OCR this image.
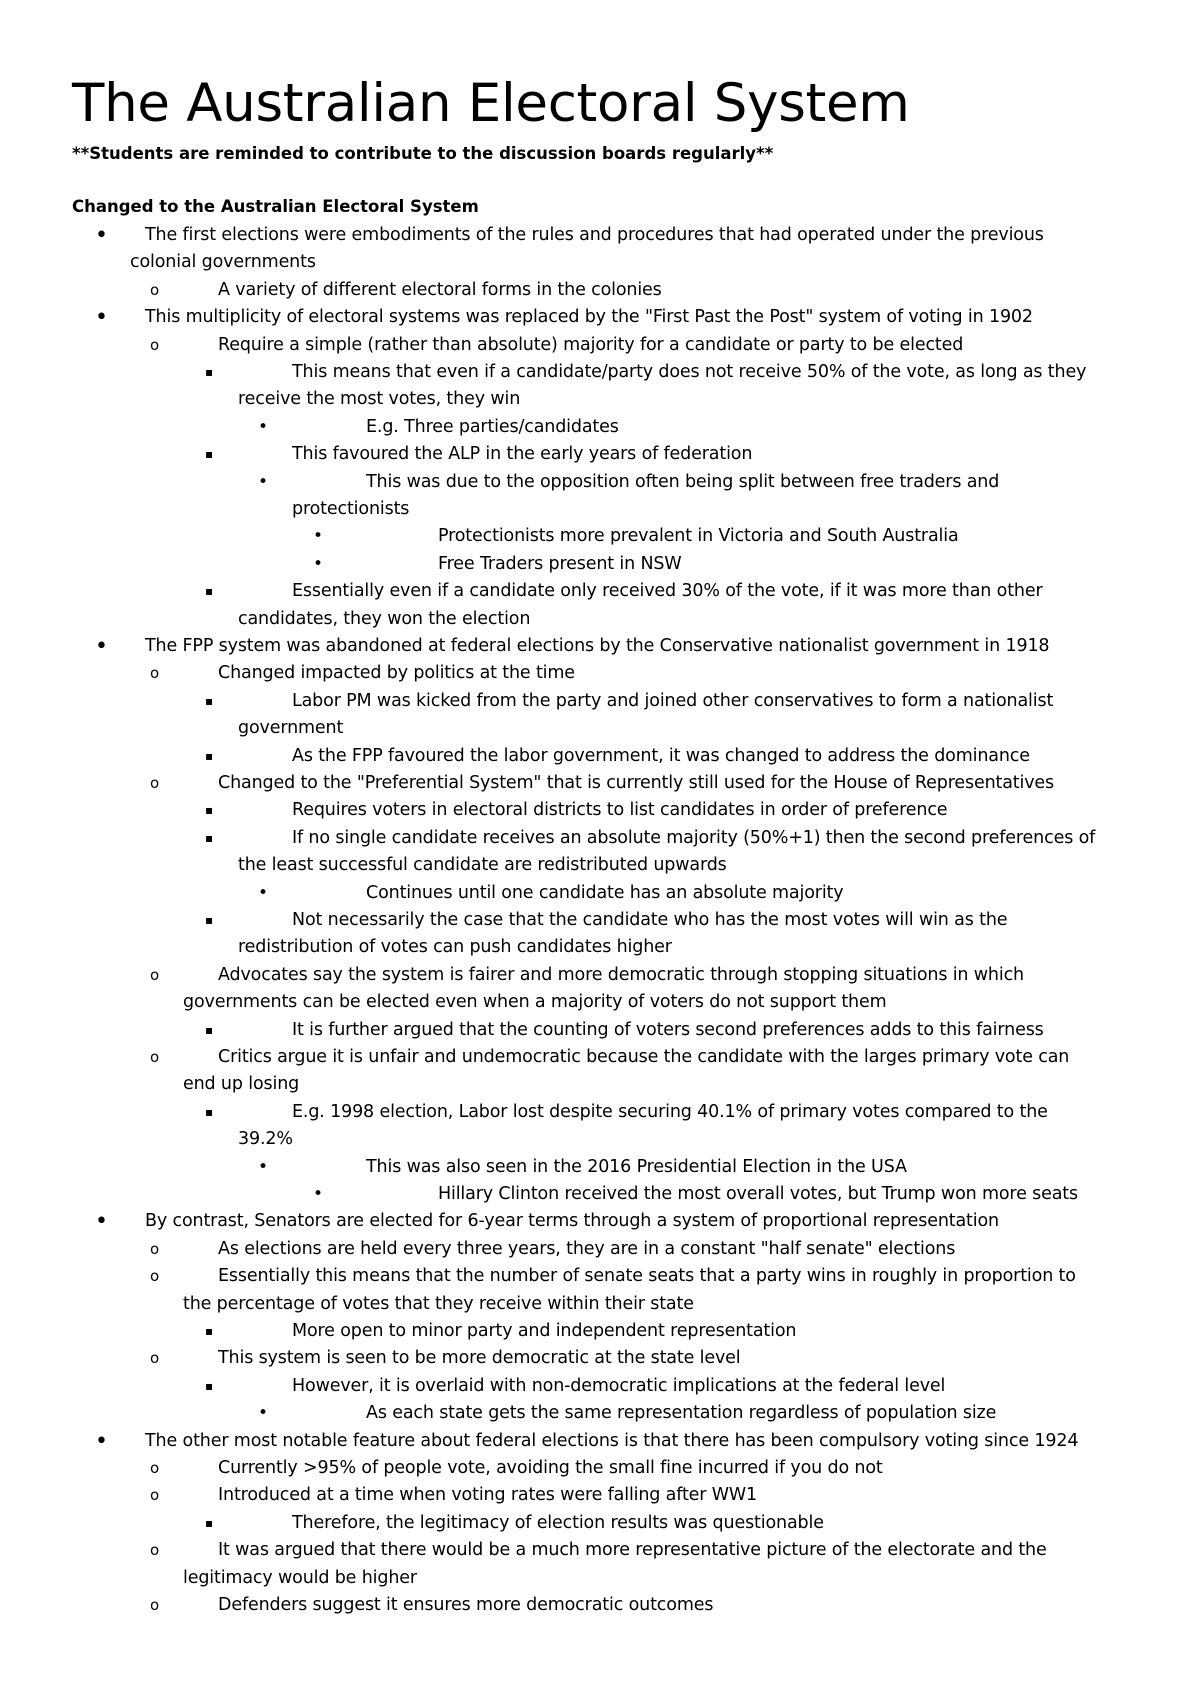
The Australian Electoral System
**Students are reminded to contribute to the discussion boards regularly**
Changed to the Australian Electoral System
• The first elections were embodiments of the rules and procedures that had operated under the previous
colonial governments
o	A variety of different electoral forms in the colonies
• This multiplicity of electoral systems was replaced by the "First Past the Post" system of voting in 1902
o	Require a simple (rather than absolute) majority for a candidate or party to be elected
▪	This means that even if a candidate/party does not receive 50% of the vote, as long as they
receive the most votes, they win
•	E.g. Three parties/candidates
▪	This favoured the ALP in the early years of federation
•	This was due to the opposition often being split between free traders and
protectionists
•	Protectionists more prevalent in Victoria and South Australia
•	Free Traders present in NSW
▪	Essentially even if a candidate only received 30% of the vote, if it was more than other
candidates, they won the election
• The FPP system was abandoned at federal elections by the Conservative nationalist government in 1918
o	Changed impacted by politics at the time
▪	Labor PM was kicked from the party and joined other conservatives to form a nationalist
government
▪	As the FPP favoured the labor government, it was changed to address the dominance
o	Changed to the "Preferential System" that is currently still used for the House of Representatives
▪	Requires voters in electoral districts to list candidates in order of preference
▪	If no single candidate receives an absolute majority (50%+1) then the second preferences of
the least successful candidate are redistributed upwards
•	Continues until one candidate has an absolute majority
▪	Not necessarily the case that the candidate who has the most votes will win as the
redistribution of votes can push candidates higher
o	Advocates say the system is fairer and more democratic through stopping situations in which
governments can be elected even when a majority of voters do not support them
▪	It is further argued that the counting of voters second preferences adds to this fairness
o	Critics argue it is unfair and undemocratic because the candidate with the larges primary vote can
end up losing
▪	E.g. 1998 election, Labor lost despite securing 40.1% of primary votes compared to the
39.2%
•	This was also seen in the 2016 Presidential Election in the USA
•	Hillary Clinton received the most overall votes, but Trump won more seats
• By contrast, Senators are elected for 6-year terms through a system of proportional representation
o	As elections are held every three years, they are in a constant "half senate" elections
o	Essentially this means that the number of senate seats that a party wins in roughly in proportion to
the percentage of votes that they receive within their state
▪	More open to minor party and independent representation
o	This system is seen to be more democratic at the state level
▪	However, it is overlaid with non-democratic implications at the federal level
•	As each state gets the same representation regardless of population size
• The other most notable feature about federal elections is that there has been compulsory voting since 1924
o	Currently >95% of people vote, avoiding the small fine incurred if you do not
o	Introduced at a time when voting rates were falling after WW1
▪	Therefore, the legitimacy of election results was questionable
o	It was argued that there would be a much more representative picture of the electorate and the
legitimacy would be higher
o	Defenders suggest it ensures more democratic outcomes
